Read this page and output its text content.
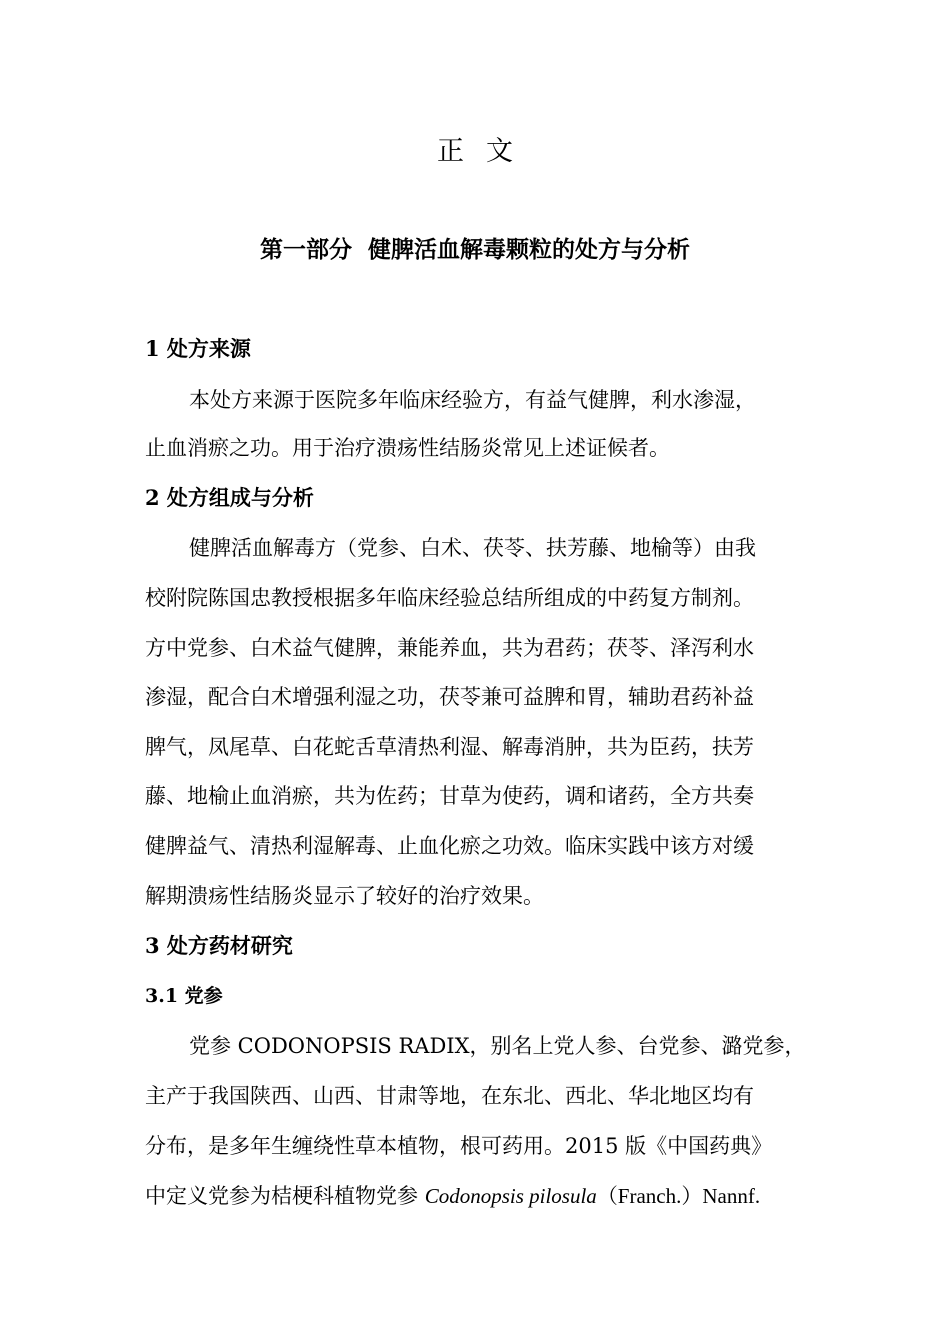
正文
第一部分  健脾活血解毒颗粒的处方与分析
1 处方来源
本处方来源于医院多年临床经验方，有益气健脾，利水渗湿，
止血消瘀之功。用于治疗溃疡性结肠炎常见上述证候者。
2 处方组成与分析
健脾活血解毒方（党参、白术、茯苓、扶芳藤、地榆等）由我
校附院陈国忠教授根据多年临床经验总结所组成的中药复方制剂。
方中党参、白术益气健脾，兼能养血，共为君药；茯苓、泽泻利水
渗湿，配合白术增强利湿之功，茯苓兼可益脾和胃，辅助君药补益
脾气，凤尾草、白花蛇舌草清热利湿、解毒消肿，共为臣药，扶芳
藤、地榆止血消瘀，共为佐药；甘草为使药，调和诸药，全方共奏
健脾益气、清热利湿解毒、止血化瘀之功效。临床实践中该方对缓
解期溃疡性结肠炎显示了较好的治疗效果。
3 处方药材研究
3.1 党参
党参 CODONOPSIS RADIX，别名上党人参、台党参、潞党参，
主产于我国陕西、山西、甘肃等地，在东北、西北、华北地区均有
分布，是多年生缠绕性草本植物，根可药用。2015 版《中国药典》
中定义党参为桔梗科植物党参 Codonopsis pilosula（Franch.）Nannf.
